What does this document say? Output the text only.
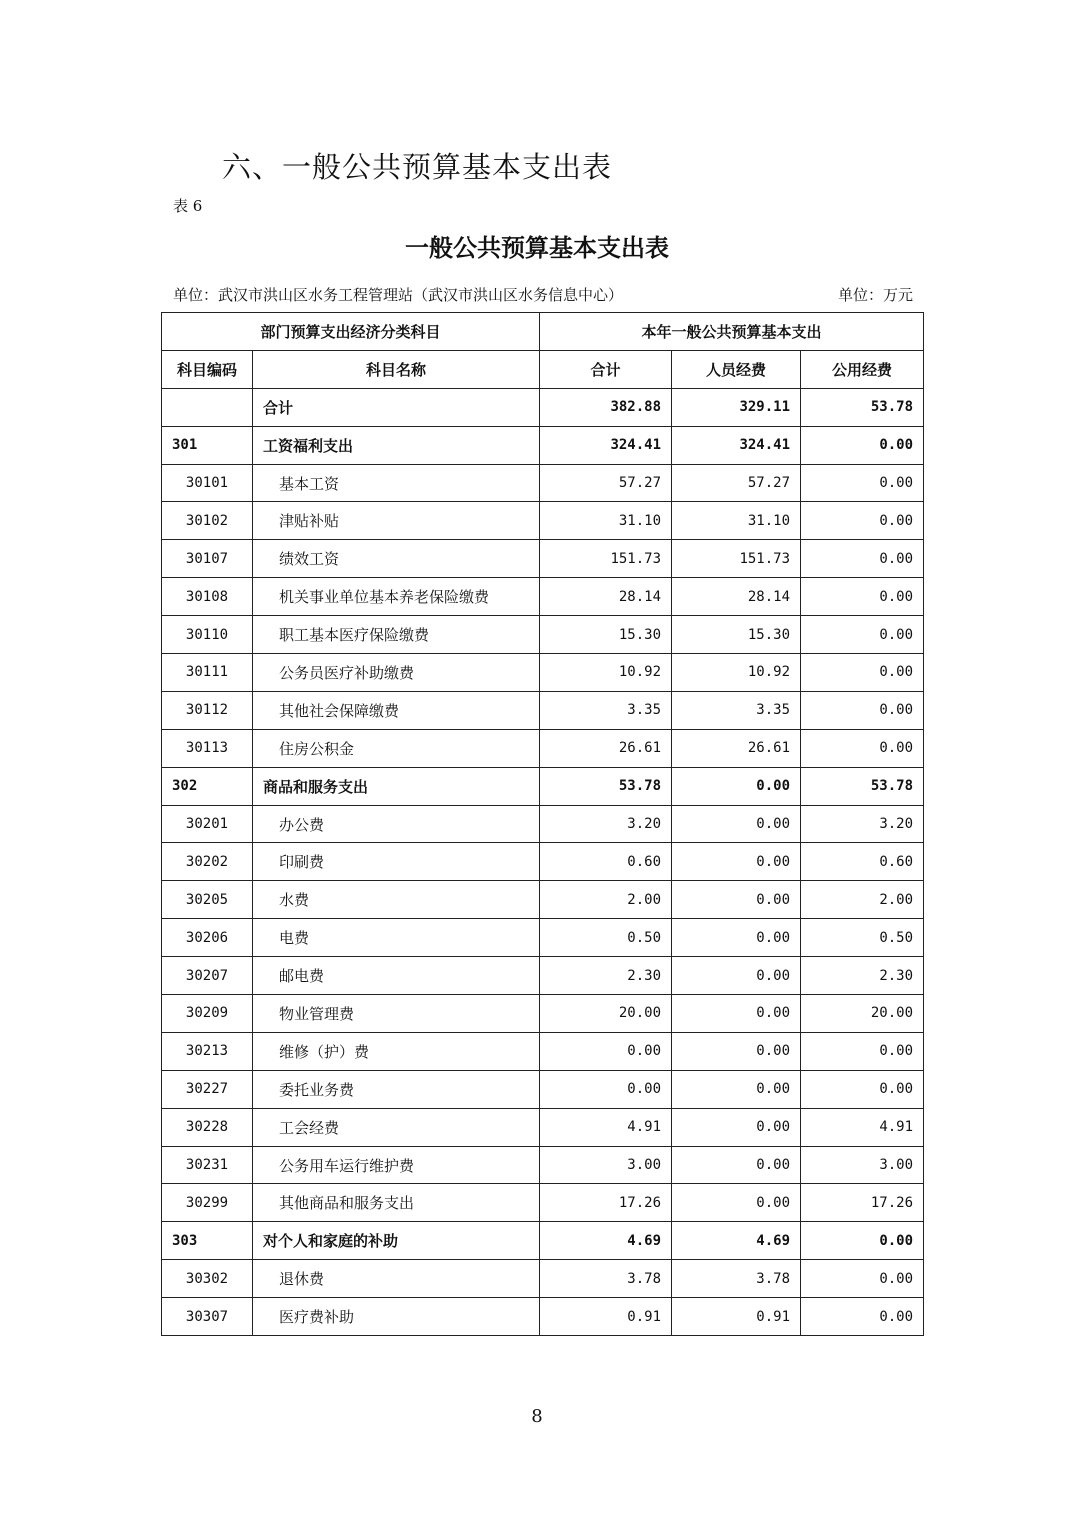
六、一般公共预算基本支出表
表 6
一般公共预算基本支出表
单位：武汉市洪山区水务工程管理站（武汉市洪山区水务信息中心）	单位：万元
部门预算支出经济分类科目		本年一般公共预算基本支出		
科目编码	科目名称	合计	人员经费	公用经费
	合计	382.88	329.11	53.78
301	工资福利支出	324.41	324.41	0.00
30101	基本工资	57.27	57.27	0.00
30102	津贴补贴	31.10	31.10	0.00
30107	绩效工资	151.73	151.73	0.00
30108	机关事业单位基本养老保险缴费	28.14	28.14	0.00
30110	职工基本医疗保险缴费	15.30	15.30	0.00
30111	公务员医疗补助缴费	10.92	10.92	0.00
30112	其他社会保障缴费	3.35	3.35	0.00
30113	住房公积金	26.61	26.61	0.00
302	商品和服务支出	53.78	0.00	53.78
30201	办公费	3.20	0.00	3.20
30202	印刷费	0.60	0.00	0.60
30205	水费	2.00	0.00	2.00
30206	电费	0.50	0.00	0.50
30207	邮电费	2.30	0.00	2.30
30209	物业管理费	20.00	0.00	20.00
30213	维修（护）费	0.00	0.00	0.00
30227	委托业务费	0.00	0.00	0.00
30228	工会经费	4.91	0.00	4.91
30231	公务用车运行维护费	3.00	0.00	3.00
30299	其他商品和服务支出	17.26	0.00	17.26
303	对个人和家庭的补助	4.69	4.69	0.00
30302	退休费	3.78	3.78	0.00
30307	医疗费补助	0.91	0.91	0.00
8
